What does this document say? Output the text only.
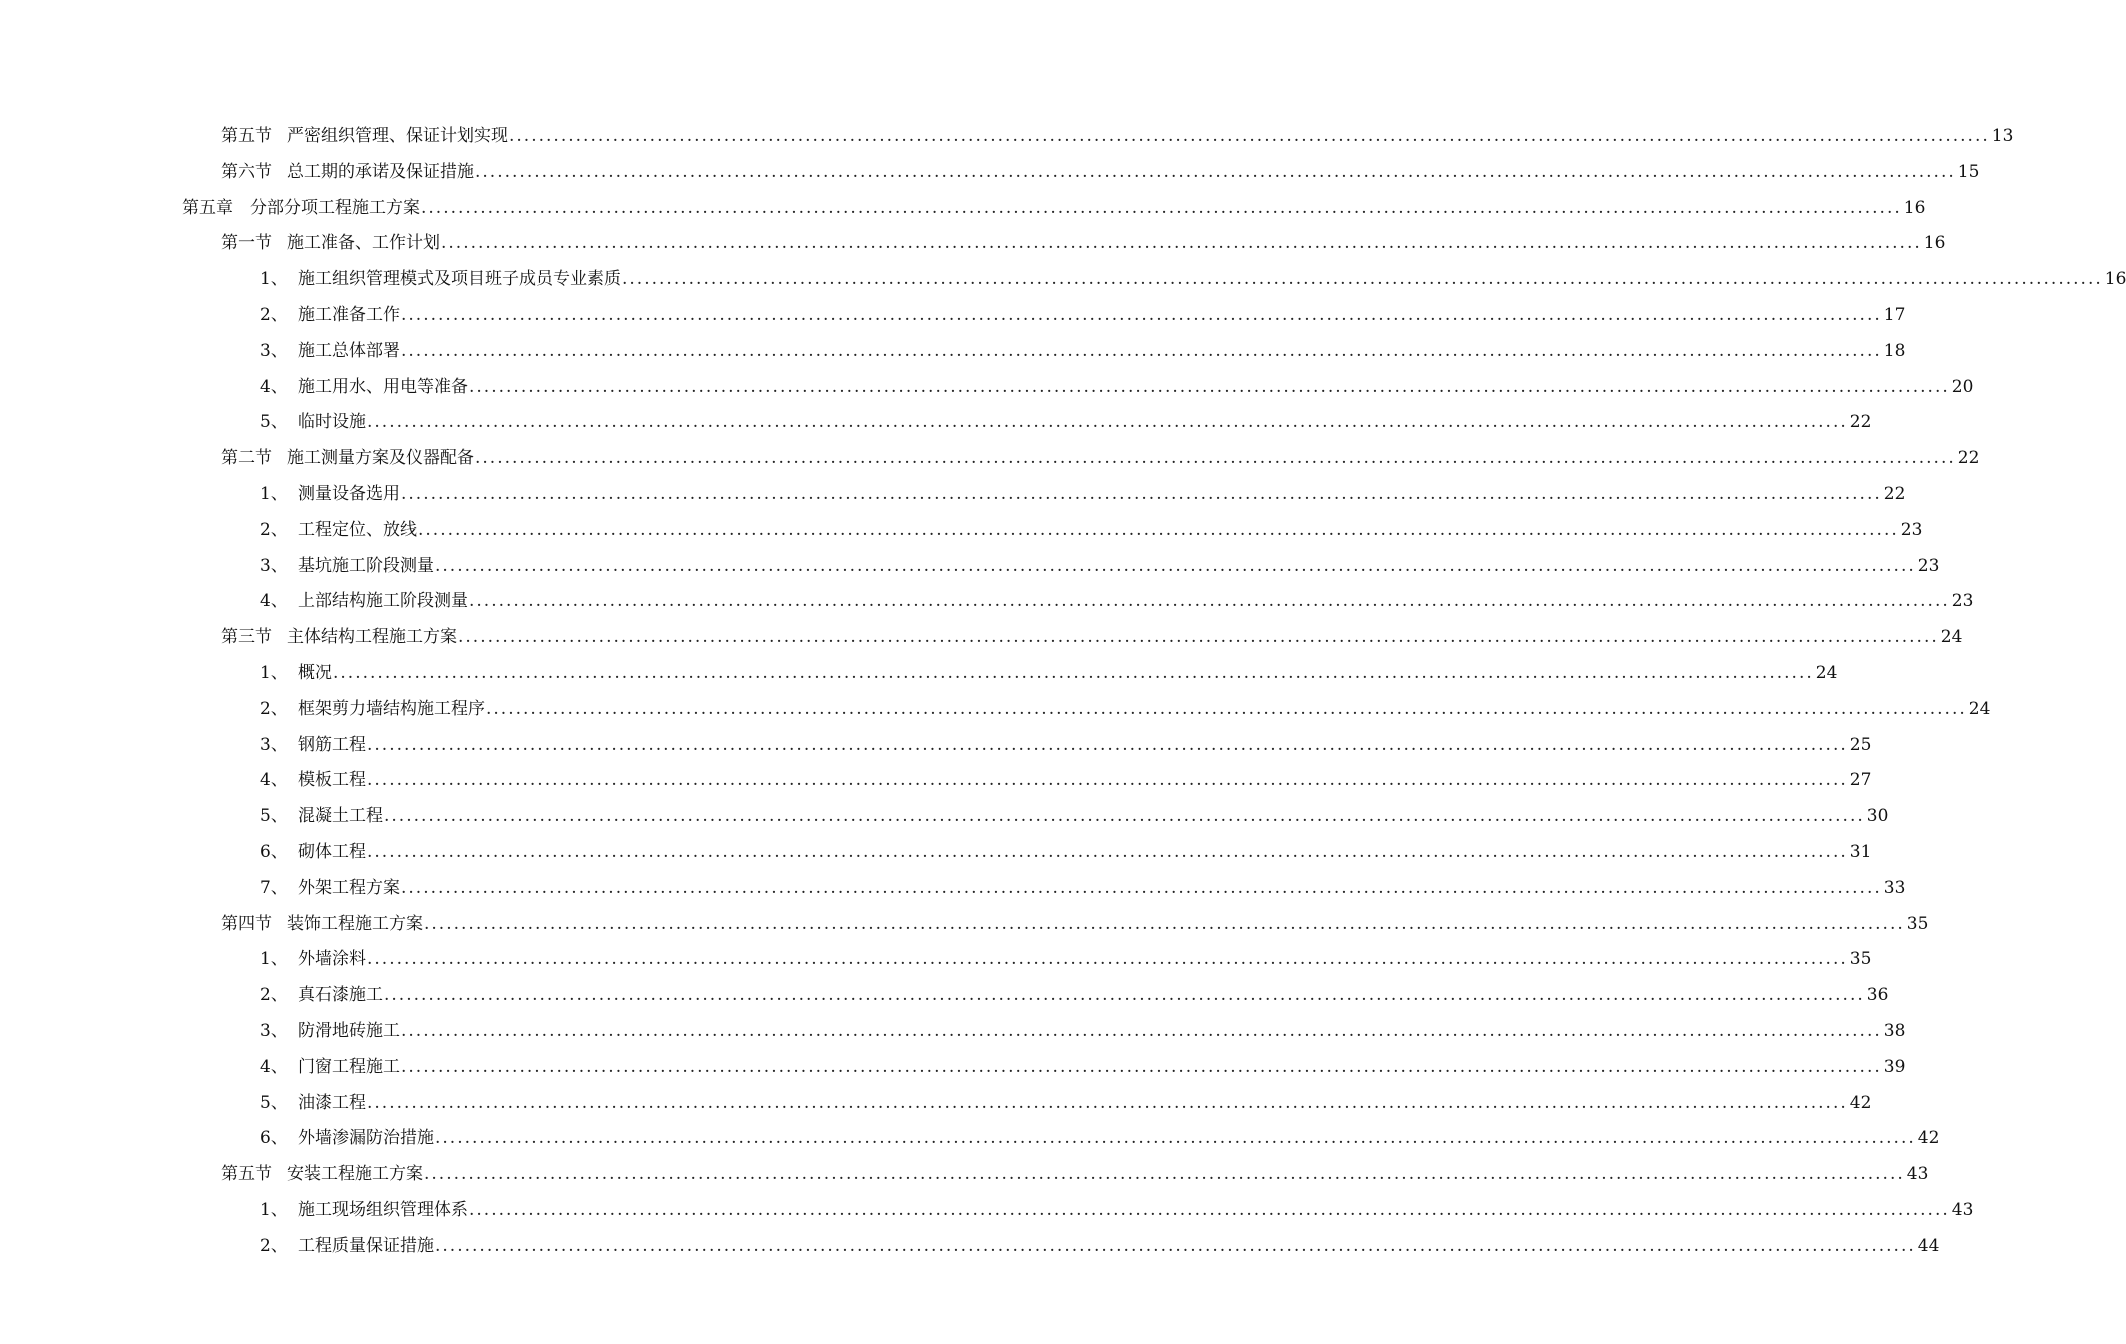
第五节 严密组织管理、保证计划实现 ........................................................................................................................................................................................................ 13
第六节 总工期的承诺及保证措施 ........................................................................................................................................................................................................ 15
第五章	分部分项工程施工方案 ........................................................................................................................................................................................................ 16
第一节 施工准备、工作计划 ........................................................................................................................................................................................................ 16
1、 施工组织管理模式及项目班子成员专业素质 ........................................................................................................................................................................................................ 16
2、 施工准备工作 ........................................................................................................................................................................................................ 17
3、 施工总体部署 ........................................................................................................................................................................................................ 18
4、 施工用水、用电等准备 ........................................................................................................................................................................................................ 20
5、 临时设施 ........................................................................................................................................................................................................ 22
第二节 施工测量方案及仪器配备 ........................................................................................................................................................................................................ 22
1、 测量设备选用 ........................................................................................................................................................................................................ 22
2、 工程定位、放线 ........................................................................................................................................................................................................ 23
3、 基坑施工阶段测量 ........................................................................................................................................................................................................ 23
4、 上部结构施工阶段测量 ........................................................................................................................................................................................................ 23
第三节 主体结构工程施工方案 ........................................................................................................................................................................................................ 24
1、 概况 ........................................................................................................................................................................................................ 24
2、 框架剪力墙结构施工程序 ........................................................................................................................................................................................................ 24
3、 钢筋工程 ........................................................................................................................................................................................................ 25
4、 模板工程 ........................................................................................................................................................................................................ 27
5、 混凝土工程 ........................................................................................................................................................................................................ 30
6、 砌体工程 ........................................................................................................................................................................................................ 31
7、 外架工程方案 ........................................................................................................................................................................................................ 33
第四节 装饰工程施工方案 ........................................................................................................................................................................................................ 35
1、 外墙涂料 ........................................................................................................................................................................................................ 35
2、 真石漆施工 ........................................................................................................................................................................................................ 36
3、 防滑地砖施工 ........................................................................................................................................................................................................ 38
4、 门窗工程施工 ........................................................................................................................................................................................................ 39
5、 油漆工程 ........................................................................................................................................................................................................ 42
6、 外墙渗漏防治措施 ........................................................................................................................................................................................................ 42
第五节 安装工程施工方案 ........................................................................................................................................................................................................ 43
1、 施工现场组织管理体系 ........................................................................................................................................................................................................ 43
2、 工程质量保证措施 ........................................................................................................................................................................................................ 44
